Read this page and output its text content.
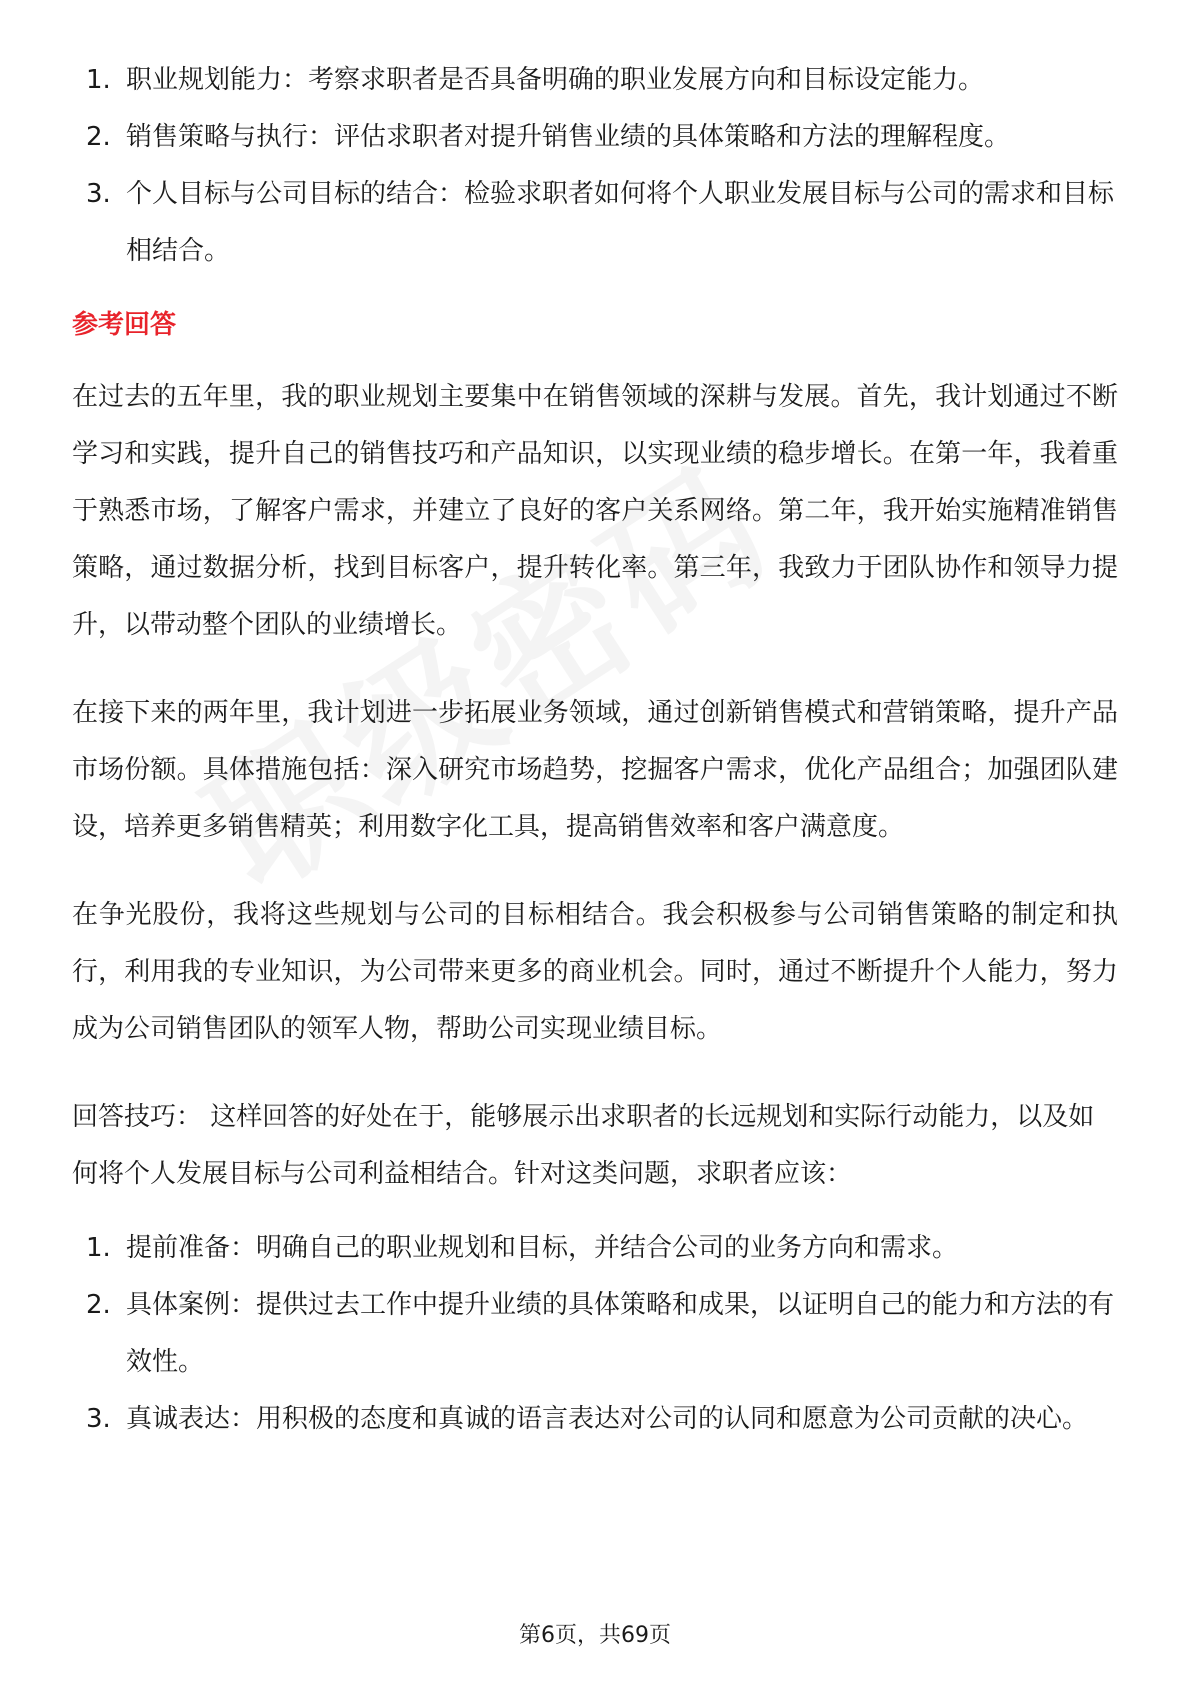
1. 职业规划能力：考察求职者是否具备明确的职业发展方向和目标设定能力。
2. 销售策略与执行：评估求职者对提升销售业绩的具体策略和方法的理解程度。
3. 个人目标与公司目标的结合：检验求职者如何将个人职业发展目标与公司的需求和目标相结合。
参考回答

在过去的五年里，我的职业规划主要集中在销售领域的深耕与发展。首先，我计划通过不断学习和实践，提升自己的销售技巧和产品知识，以实现业绩的稳步增长。在第一年，我着重于熟悉市场，了解客户需求，并建立了良好的客户关系网络。第二年，我开始实施精准销售策略，通过数据分析，找到目标客户，提升转化率。第三年，我致力于团队协作和领导力提升，以带动整个团队的业绩增长。

在接下来的两年里，我计划进一步拓展业务领域，通过创新销售模式和营销策略，提升产品市场份额。具体措施包括：深入研究市场趋势，挖掘客户需求，优化产品组合；加强团队建设，培养更多销售精英；利用数字化工具，提高销售效率和客户满意度。

在争光股份，我将这些规划与公司的目标相结合。我会积极参与公司销售策略的制定和执行，利用我的专业知识，为公司带来更多的商业机会。同时，通过不断提升个人能力，努力成为公司销售团队的领军人物，帮助公司实现业绩目标。

回答技巧： 这样回答的好处在于，能够展示出求职者的长远规划和实际行动能力，以及如何将个人发展目标与公司利益相结合。针对这类问题，求职者应该：

1. 提前准备：明确自己的职业规划和目标，并结合公司的业务方向和需求。
2. 具体案例：提供过去工作中提升业绩的具体策略和成果，以证明自己的能力和方法的有效性。
3. 真诚表达：用积极的态度和真诚的语言表达对公司的认同和愿意为公司贡献的决心。
第6页，共69页
